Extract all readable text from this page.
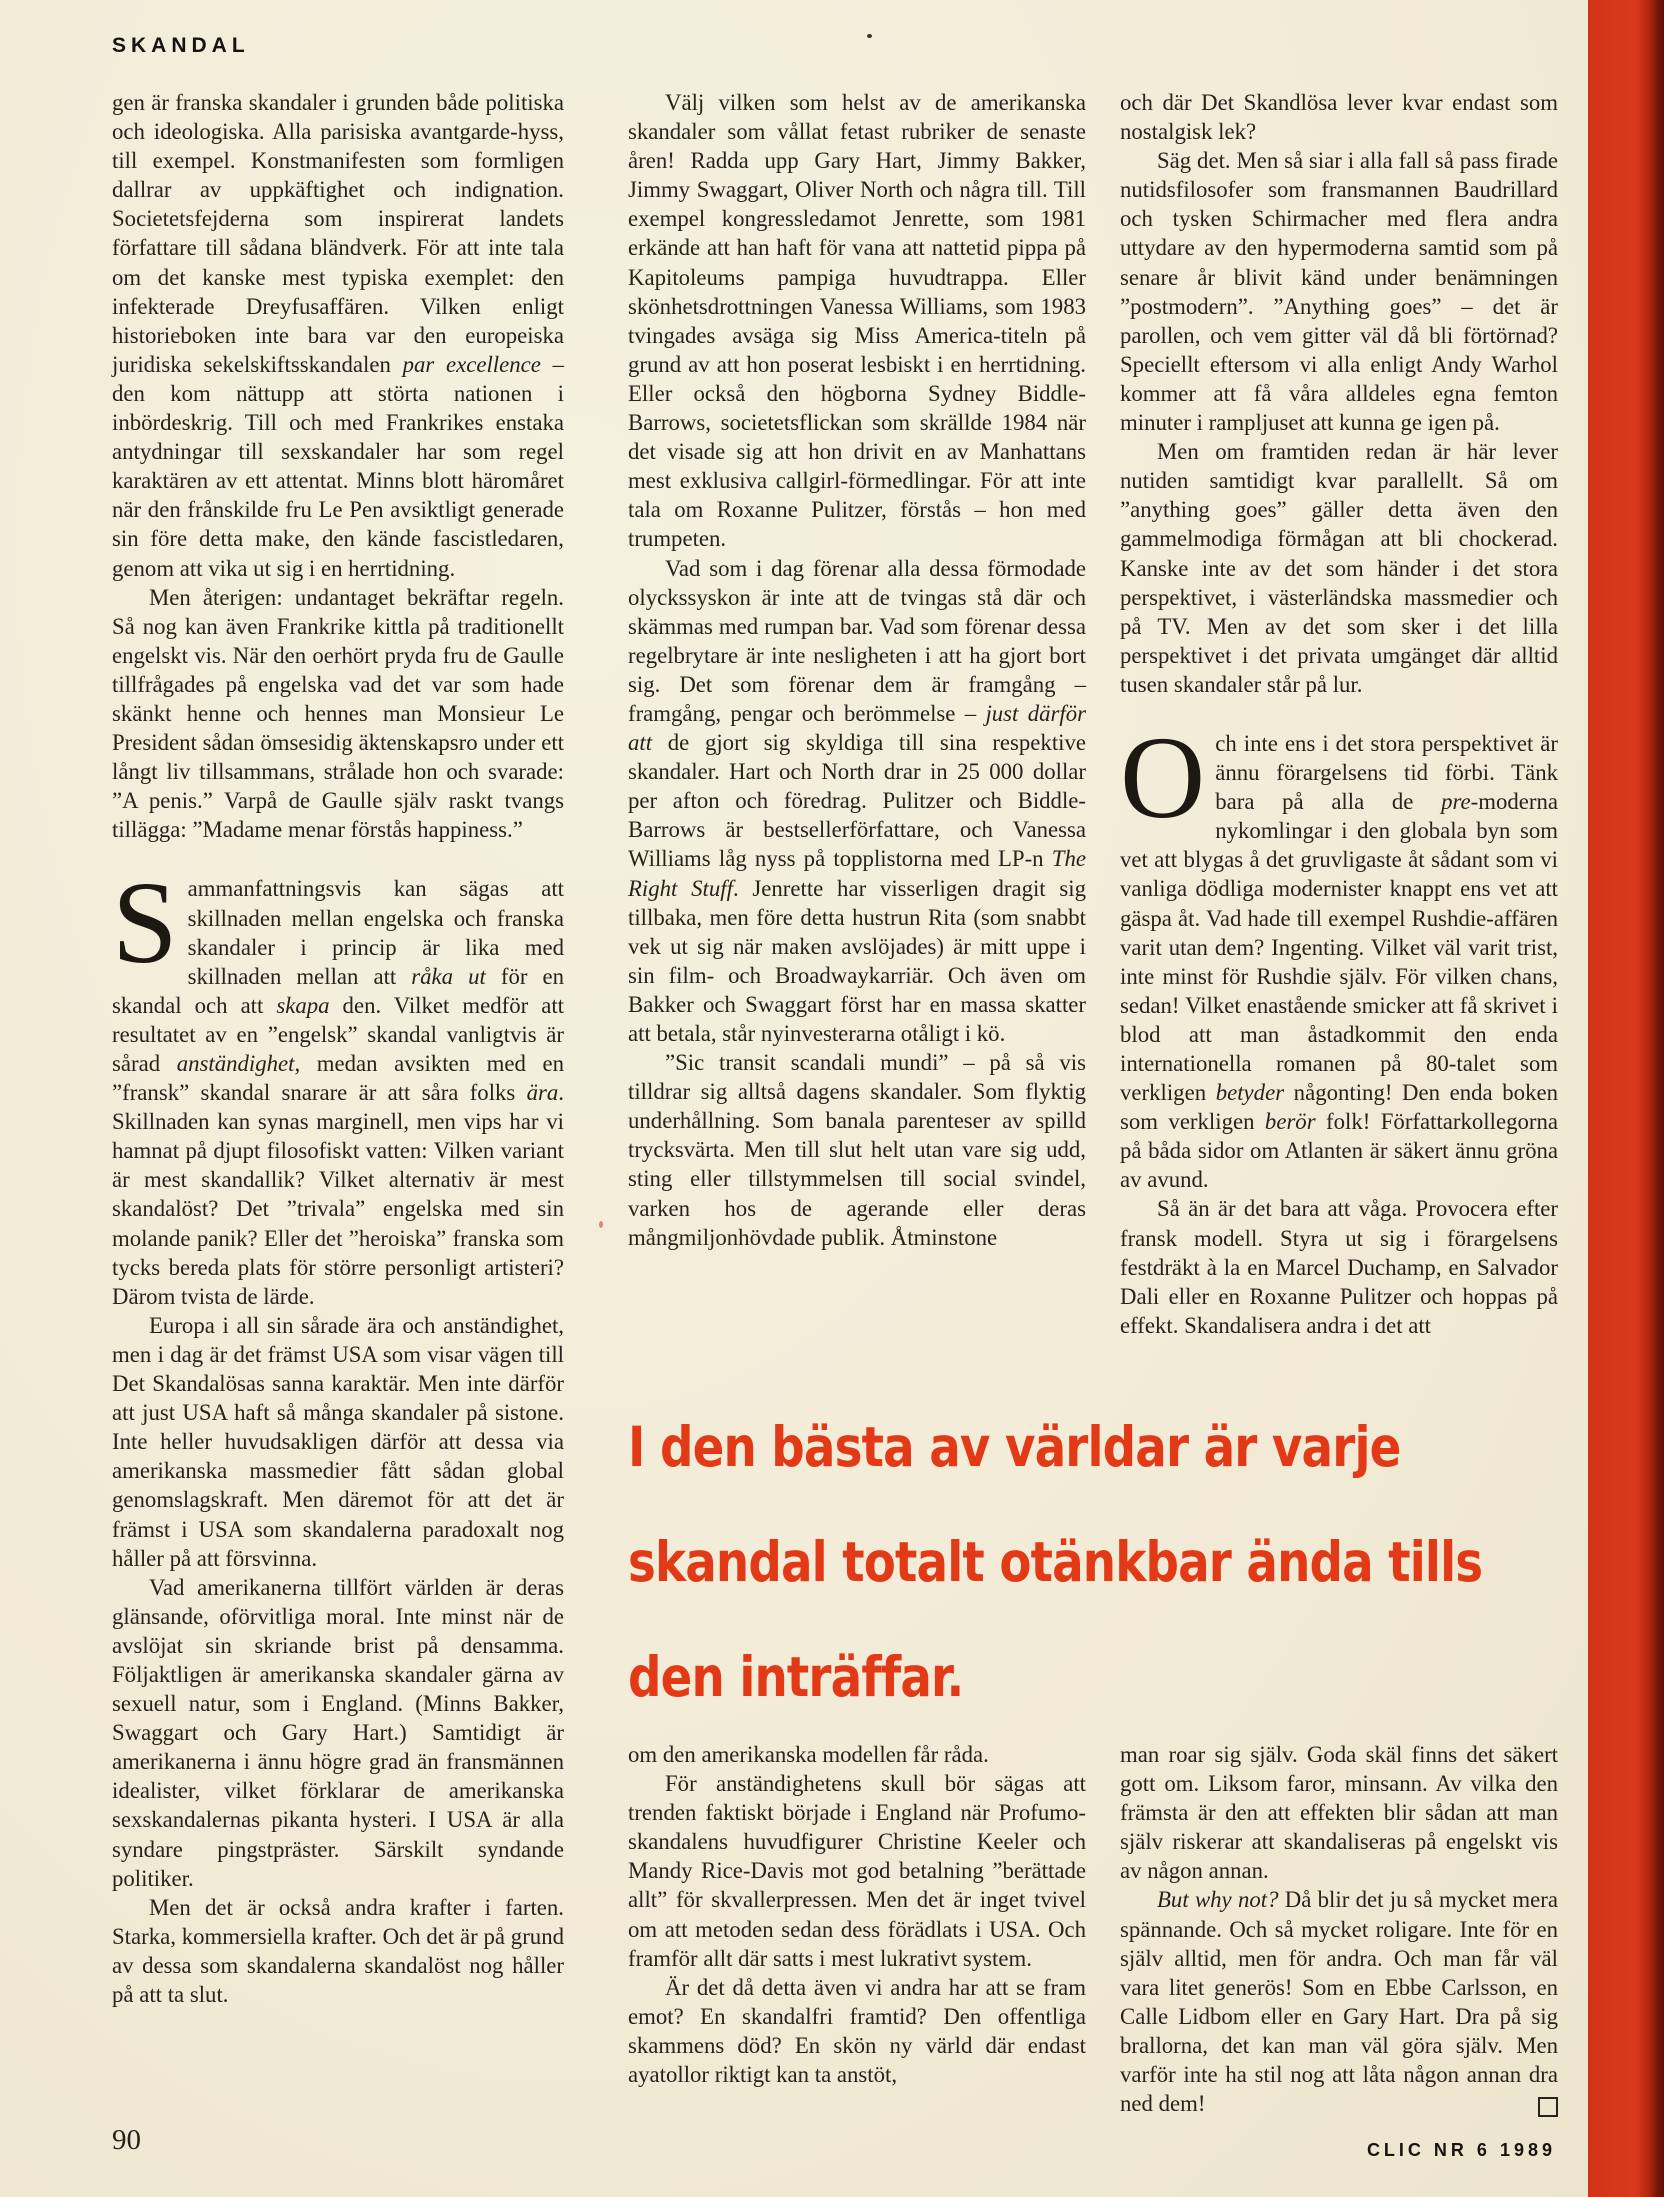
SKANDAL

gen är franska skandaler i grunden både politiska och ideologiska. Alla parisiska avantgarde-hyss, till exempel. Konstmanifesten som formligen dallrar av uppkäftighet och indignation. Societetsfejderna som inspirerat landets författare till sådana bländverk. För att inte tala om det kanske mest typiska exemplet: den infekterade Dreyfusaffären. Vilken enligt historieboken inte bara var den europeiska juridiska sekelskiftsskandalen par excellence – den kom nättupp att störta nationen i inbördeskrig. Till och med Frankrikes enstaka antydningar till sexskandaler har som regel karaktären av ett attentat. Minns blott häromåret när den frånskilde fru Le Pen avsiktligt generade sin före detta make, den kände fascistledaren, genom att vika ut sig i en herrtidning.

Men återigen: undantaget bekräftar regeln. Så nog kan även Frankrike kittla på traditionellt engelskt vis. När den oerhört pryda fru de Gaulle tillfrågades på engelska vad det var som hade skänkt henne och hennes man Monsieur Le President sådan ömsesidig äktenskapsro under ett långt liv tillsammans, strålade hon och svarade: ”A penis.” Varpå de Gaulle själv raskt tvangs tillägga: ”Madame menar förstås happiness.”

Sammanfattningsvis kan sägas att skillnaden mellan engelska och franska skandaler i princip är lika med skillnaden mellan att råka ut för en skandal och att skapa den. Vilket medför att resultatet av en ”engelsk” skandal vanligtvis är sårad anständighet, medan avsikten med en ”fransk” skandal snarare är att såra folks ära. Skillnaden kan synas marginell, men vips har vi hamnat på djupt filosofiskt vatten: Vilken variant är mest skandallik? Vilket alternativ är mest skandalöst? Det ”trivala” engelska med sin molande panik? Eller det ”heroiska” franska som tycks bereda plats för större personligt artisteri? Därom tvista de lärde.

Europa i all sin sårade ära och anständighet, men i dag är det främst USA som visar vägen till Det Skandalösas sanna karaktär. Men inte därför att just USA haft så många skandaler på sistone. Inte heller huvudsakligen därför att dessa via amerikanska massmedier fått sådan global genomslagskraft. Men däremot för att det är främst i USA som skandalerna paradoxalt nog håller på att försvinna.

Vad amerikanerna tillfört världen är deras glänsande, oförvitliga moral. Inte minst när de avslöjat sin skriande brist på densamma. Följaktligen är amerikanska skandaler gärna av sexuell natur, som i England. (Minns Bakker, Swaggart och Gary Hart.) Samtidigt är amerikanerna i ännu högre grad än fransmännen idealister, vilket förklarar de amerikanska sexskandalernas pikanta hysteri. I USA är alla syndare pingstpräster. Särskilt syndande politiker.

Men det är också andra krafter i farten. Starka, kommersiella krafter. Och det är på grund av dessa som skandalerna skandalöst nog håller på att ta slut.

Välj vilken som helst av de amerikanska skandaler som vållat fetast rubriker de senaste åren! Radda upp Gary Hart, Jimmy Bakker, Jimmy Swaggart, Oliver North och några till. Till exempel kongressledamot Jenrette, som 1981 erkände att han haft för vana att nattetid pippa på Kapitoleums pampiga huvudtrappa. Eller skönhetsdrottningen Vanessa Williams, som 1983 tvingades avsäga sig Miss America-titeln på grund av att hon poserat lesbiskt i en herrtidning. Eller också den högborna Sydney Biddle-Barrows, societetsflickan som skrällde 1984 när det visade sig att hon drivit en av Manhattans mest exklusiva callgirl-förmedlingar. För att inte tala om Roxanne Pulitzer, förstås – hon med trumpeten.

Vad som i dag förenar alla dessa förmodade olyckssyskon är inte att de tvingas stå där och skämmas med rumpan bar. Vad som förenar dessa regelbrytare är inte nesligheten i att ha gjort bort sig. Det som förenar dem är framgång – framgång, pengar och berömmelse – just därför att de gjort sig skyldiga till sina respektive skandaler. Hart och North drar in 25 000 dollar per afton och föredrag. Pulitzer och Biddle-Barrows är bestsellerförfattare, och Vanessa Williams låg nyss på topplistorna med LP-n The Right Stuff. Jenrette har visserligen dragit sig tillbaka, men före detta hustrun Rita (som snabbt vek ut sig när maken avslöjades) är mitt uppe i sin film- och Broadwaykarriär. Och även om Bakker och Swaggart först har en massa skatter att betala, står nyinvesterarna otåligt i kö.

”Sic transit scandali mundi” – på så vis tilldrar sig alltså dagens skandaler. Som flyktig underhållning. Som banala parenteser av spilld trycksvärta. Men till slut helt utan vare sig udd, sting eller tillstymmelsen till social svindel, varken hos de agerande eller deras mångmiljonhövdade publik. Åtminstone

och där Det Skandlösa lever kvar endast som nostalgisk lek?

Säg det. Men så siar i alla fall så pass firade nutidsfilosofer som fransmannen Baudrillard och tysken Schirmacher med flera andra uttydare av den hypermoderna samtid som på senare år blivit känd under benämningen ”postmodern”. ”Anything goes” – det är parollen, och vem gitter väl då bli förtörnad? Speciellt eftersom vi alla enligt Andy Warhol kommer att få våra alldeles egna femton minuter i rampljuset att kunna ge igen på.

Men om framtiden redan är här lever nutiden samtidigt kvar parallellt. Så om ”anything goes” gäller detta även den gammelmodiga förmågan att bli chockerad. Kanske inte av det som händer i det stora perspektivet, i västerländska massmedier och på TV. Men av det som sker i det lilla perspektivet i det privata umgänget där alltid tusen skandaler står på lur.

Och inte ens i det stora perspektivet är ännu förargelsens tid förbi. Tänk bara på alla de pre-moderna nykomlingar i den globala byn som vet att blygas å det gruvligaste åt sådant som vi vanliga dödliga modernister knappt ens vet att gäspa åt. Vad hade till exempel Rushdie-affären varit utan dem? Ingenting. Vilket väl varit trist, inte minst för Rushdie själv. För vilken chans, sedan! Vilket enastående smicker att få skrivet i blod att man åstadkommit den enda internationella romanen på 80-talet som verkligen betyder någonting! Den enda boken som verkligen berör folk! Författarkollegorna på båda sidor om Atlanten är säkert ännu gröna av avund.

Så än är det bara att våga. Provocera efter fransk modell. Styra ut sig i förargelsens festdräkt à la en Marcel Duchamp, en Salvador Dali eller en Roxanne Pulitzer och hoppas på effekt. Skandalisera andra i det att

I den bästa av världar är varje
skandal totalt otänkbar ända tills
den inträffar.

om den amerikanska modellen får råda.

För anständighetens skull bör sägas att trenden faktiskt började i England när Profumo-skandalens huvudfigurer Christine Keeler och Mandy Rice-Davis mot god betalning ”berättade allt” för skvallerpressen. Men det är inget tvivel om att metoden sedan dess förädlats i USA. Och framför allt där satts i mest lukrativt system.

Är det då detta även vi andra har att se fram emot? En skandalfri framtid? Den offentliga skammens död? En skön ny värld där endast ayatollor riktigt kan ta anstöt,

man roar sig själv. Goda skäl finns det säkert gott om. Liksom faror, minsann. Av vilka den främsta är den att effekten blir sådan att man själv riskerar att skandaliseras på engelskt vis av någon annan.

But why not? Då blir det ju så mycket mera spännande. Och så mycket roligare. Inte för en själv alltid, men för andra. Och man får väl vara litet generös! Som en Ebbe Carlsson, en Calle Lidbom eller en Gary Hart. Dra på sig brallorna, det kan man väl göra själv. Men varför inte ha stil nog att låta någon annan dra ned dem!

90	CLIC NR 6 1989
